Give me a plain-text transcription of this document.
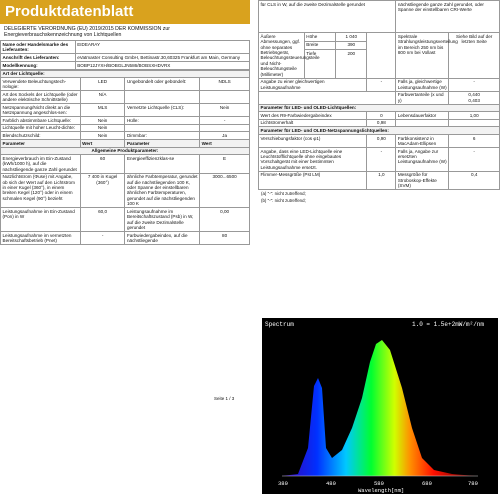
Produktdatenblatt
DELEGIERTE VERORDNUNG (EU) 2019/2015 DER KOMMISSION zur Energieverbrauchskennzeichnung von Lichtquellen
Name oder Handelsmarke des Lieferanten:	EIDEARAY
Anschrift des Lieferanten:	eVatmaster Consulting GmbH, Bettinastr.30,60325 Frankfurt am Main, Germany
Modellkennung:	BOBP12JYXH/BOBGLJN586/BOBSXHDVRX
Art der Lichtquelle:			
Verwendete Beleuchtungstech-nologie:	LED	Ungebündelt oder gebündelt:	NDLS
Art des Sockels der Lichtquelle (oder andere elektrische Schnittstelle)	N/A		
Netzspannung/Nicht direkt an die Netzspannung angeschlos-sen:	MLS	Vernetzte Lichtquelle (CLS):	Nein
Farblich abstimmbare Lichtquelle:	Nein	Hülle:	-
Lichtquelle mit hoher Leucht-dichte:	Nein		
Blendschutzschild:	Nein	Dimmbar:	Ja
Parameter	Wert	Parameter	Wert
Allgemeine Produktparameter:			
Energieverbrauch im Ein-Zustand (kWh/1000 h), auf die nächstliegende ganze Zahl gerundet	60	Energieeffizienzklas-se	E
Nutzlichtstrom (Φuse) mit Angabe, ob sich der Wert auf den Lichtstrom in einer Kugel (360°), in einem breiten Kegel (120°) oder in einem schmalen Kegel (90°) bezieht	7 400 in Kugel (360°)	ähnliche Farbtemperatur, gerundet auf die nächstliegenden 100 K, oder Spanne der einstellbaren ähnlichen Farbtemperaturen, gerundet auf die nächstliegenden 100 K	3000...6500
Leistungsaufnahme im Ein-Zustand (Pon) in W	60,0	Leistungsaufnahme im Bereitschaftszustand (Psb) in W, auf die zweite Dezimalstelle gerundet	0,00
Leistungsaufnahme im vernetzten Bereitschaftsbetrieb (Pnet)	-	Farbwiedergabeindex, auf die nächstliegende	80
Seite 1 / 3
für CLS in W, auf die zweite Dezimalstelle gerundet				nächstliegende ganze Zahl gerundet, oder Spanne der einstellbaren CRI-Werte	
Äußere Abmessungen, ggf. ohne separates Betriebsgerät, Beleuchtungssteuerungsteile und Nicht-Beleuchtungsteile (Millimeter)	Höhe	1 040		Spektrale Strahlungsleistungsverteilung im Bereich 250 nm bis 800 nm bei Vollast	Siehe Bild auf der letzten Seite
	Breite	390			
	Tiefe	200			
Angabe zu einer gleichwertigen Leistungsaufnahme			-	Falls ja, gleichwertige Leistungsaufnahme (W)	-
				Farbwertanteile (x und y)	0,440
0,403

Parameter für LED- und OLED-Lichtquellen:					
Wert des R9-Farbwiedergabeindex			0	Lebensdauerfaktor	1,00
Lichtstromerhalt			0,98		
Parameter für LED- und OLED-Netzspannungslichtquellen:					
Verschiebungsfaktor (cos φ1)			0,90	Farbkonsistenz in MacAdam-Ellipsen	6
Angabe, dass eine LED-Lichtquelle eine Leuchtstofflichtquelle ohne eingebautes Vorschaltgerät mit einer bestimmten Leistungsaufnahme ersetzt.			-	Falls ja, Angabe zur ersetzten Leistungsaufnahme (W)	-
Flimmer-Messgröße (Pst LM)			1,0	Messgröße für Stroboskop-Effekte (SVM)	0,4
(a) "-": nicht zutreffend;
(b) "-": nicht zutreffend;
Spectrum	1.0 = 1.5e+2mW/m²/nm
380	480	580	680	780
Wavelength[nm]
